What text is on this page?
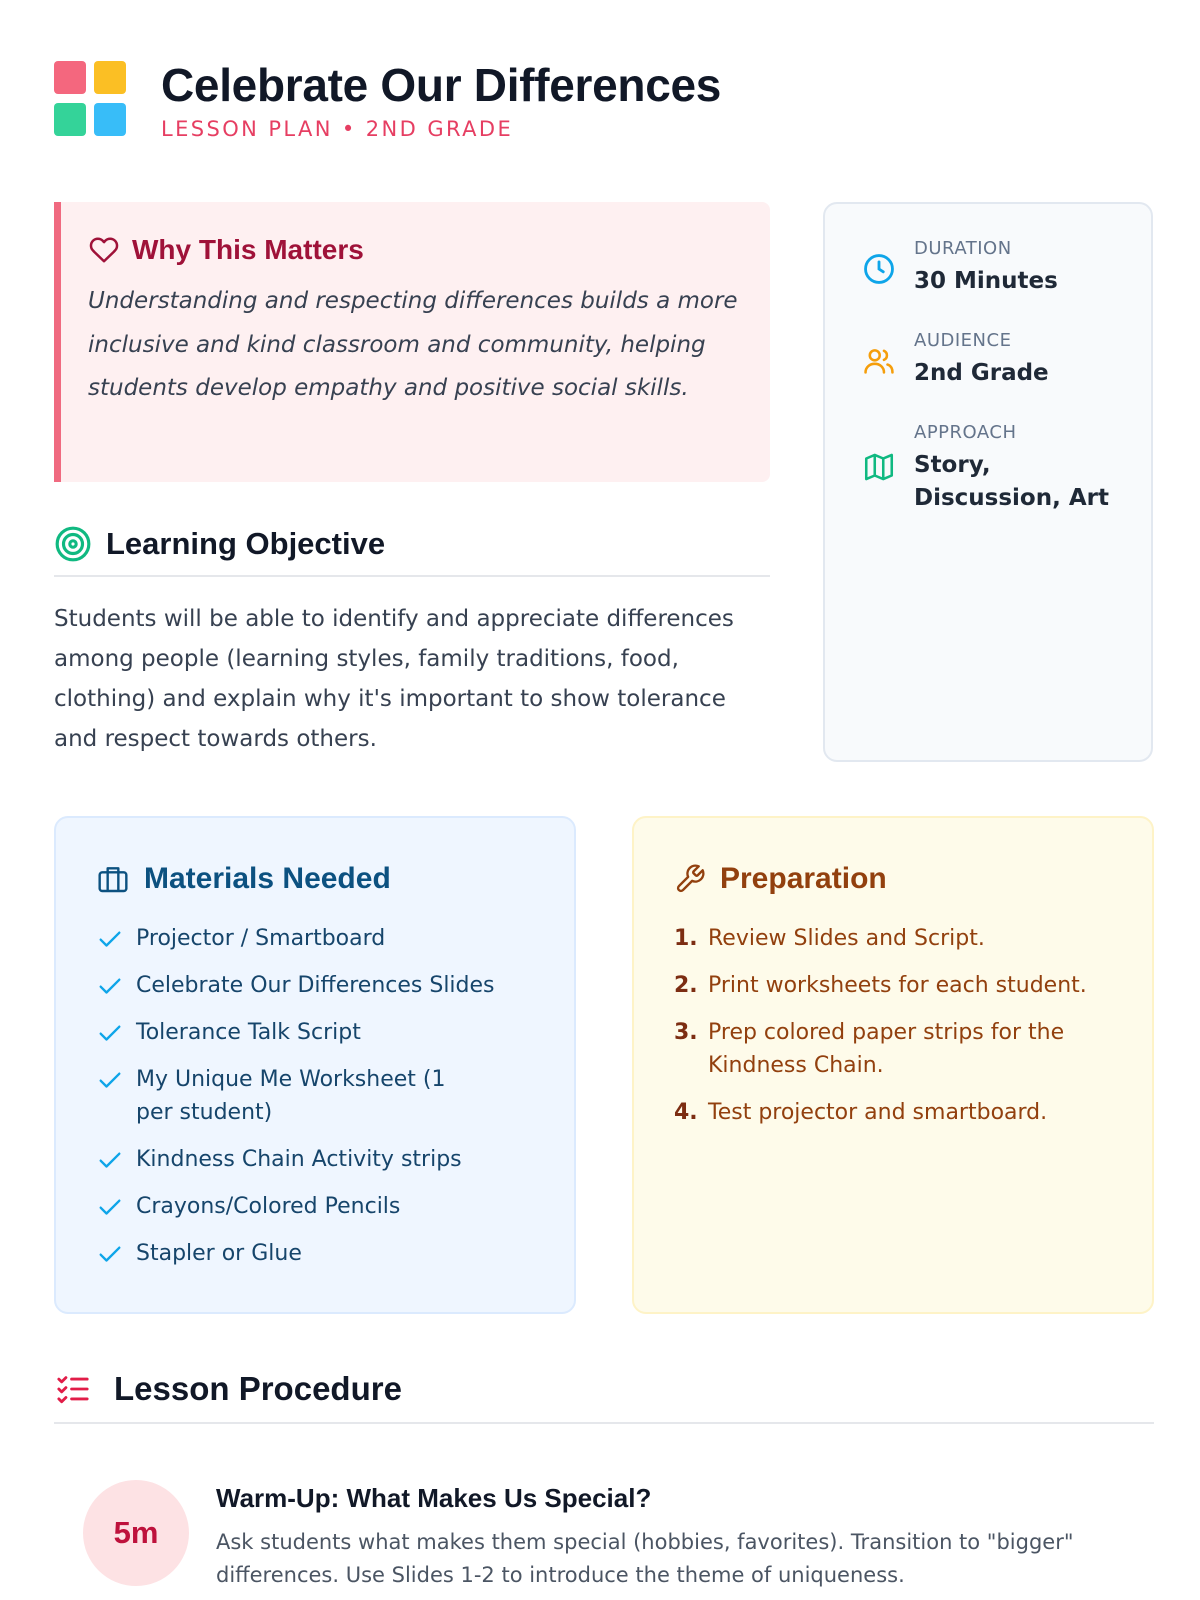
Celebrate Our Differences
LESSON PLAN • 2ND GRADE
Why This Matters

Understanding and respecting differences builds a more inclusive and kind classroom and community, helping students develop empathy and positive social skills.

Learning Objective

Students will be able to identify and appreciate differences among people (learning styles, family traditions, food, clothing) and explain why it's important to show tolerance and respect towards others.

DURATION
30 Minutes
AUDIENCE
2nd Grade
APPROACH
Story, Discussion, Art
Materials Needed
Projector / Smartboard
Celebrate Our Differences Slides
Tolerance Talk Script
My Unique Me Worksheet (1 per student)
Kindness Chain Activity strips
Crayons/Colored Pencils
Stapler or Glue
Preparation
1. Review Slides and Script.
2. Print worksheets for each student.
3. Prep colored paper strips for the Kindness Chain.
4. Test projector and smartboard.
Lesson Procedure
5m
Warm-Up: What Makes Us Special?

Ask students what makes them special (hobbies, favorites). Transition to "bigger" differences. Use Slides 1-2 to introduce the theme of uniqueness.
